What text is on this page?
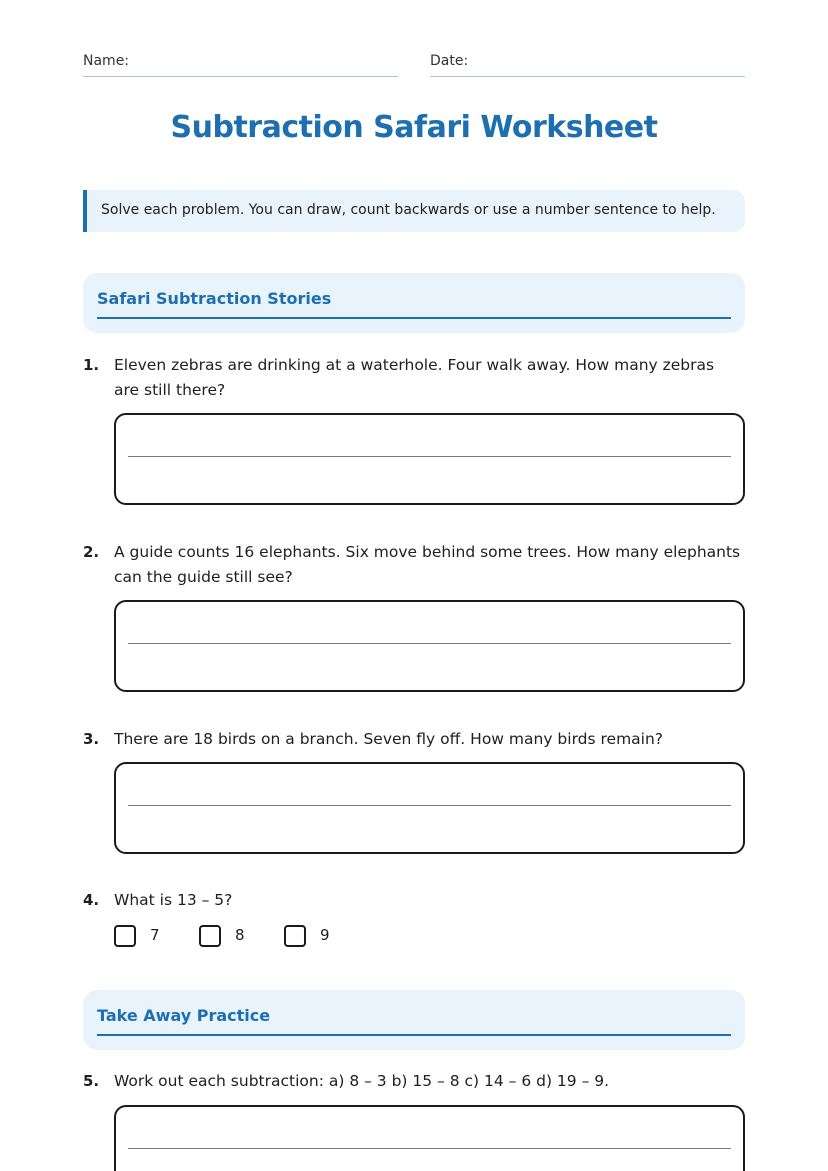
Name:	Date:
Subtraction Safari Worksheet
Solve each problem. You can draw, count backwards or use a number sentence to help.
Safari Subtraction Stories
1. Eleven zebras are drinking at a waterhole. Four walk away. How many zebras are still there?
2. A guide counts 16 elephants. Six move behind some trees. How many elephants can the guide still see?
3. There are 18 birds on a branch. Seven fly off. How many birds remain?
4. What is 13 – 5?
7	8	9
Take Away Practice
5. Work out each subtraction: a) 8 – 3 b) 15 – 8 c) 14 – 6 d) 19 – 9.
